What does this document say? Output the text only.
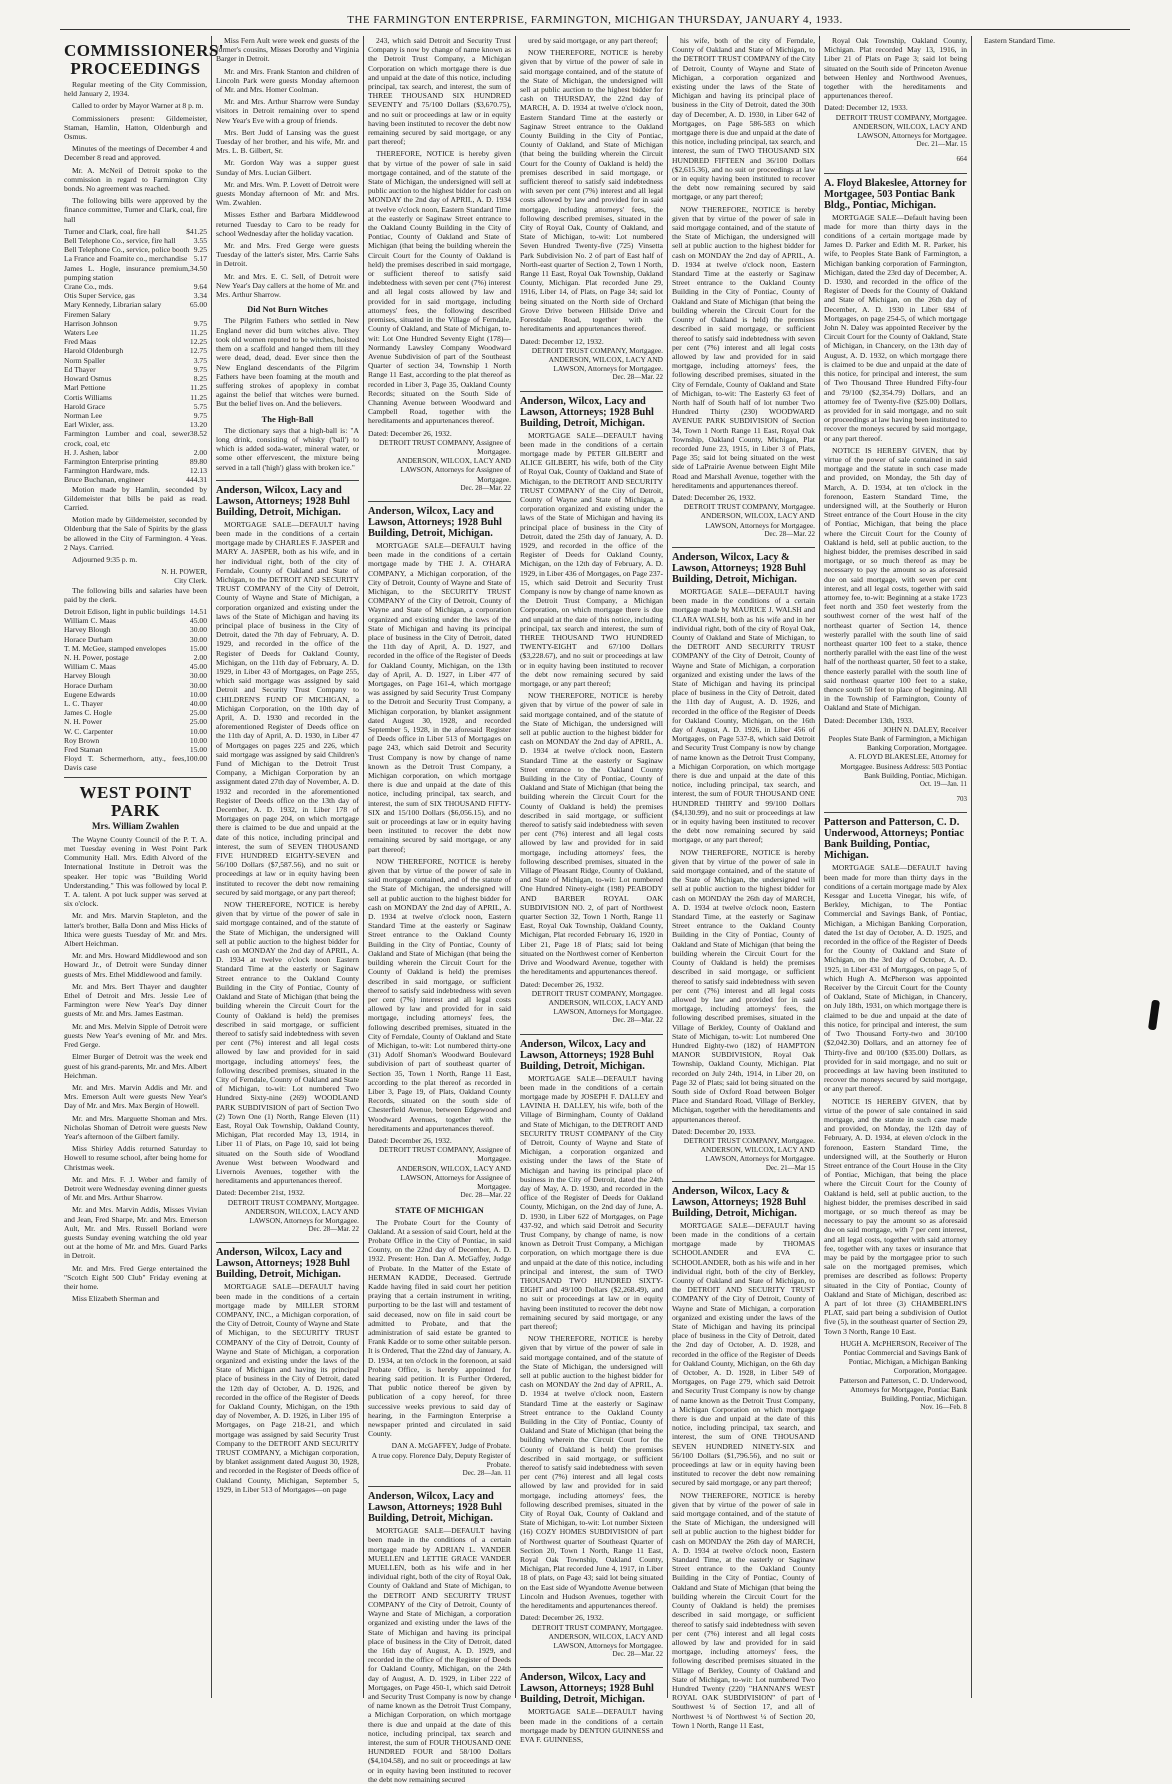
THE FARMINGTON ENTERPRISE, FARMINGTON, MICHIGAN THURSDAY, JANUARY 4, 1933.
COMMISSIONERS' PROCEEDINGS

Regular meeting of the City Commission, held January 2, 1934.

Called to order by Mayor Warner at 8 p. m.

Commissioners present: Gildemeister, Staman, Hamlin, Hatton, Oldenburgh and Osmus.

Minutes of the meetings of December 4 and December 8 read and approved.

Mr. A. McNeil of Detroit spoke to the commission in regard to Farmington City bonds. No agreement was reached.

The following bills were approved by the finance committee, Turner and Clark, coal, fire hall

Turner and Clark, coal, fire hall	$41.25
Bell Telephone Co., service, fire hall 3.55
Bell Telephone Co., service, police booth 9.25
La France and Foamite co., merchandise 5.17
James L. Hogle, insurance premium, pumping station
34.50
Crane Co., mds.	9.64
Otis Super Service, gas	3.34
Mary Kennedy, Librarian salary	65.00
Firemen Salary
Harrison Johnson	9.75
Waters Lee	11.25
Fred Maas	12.25
Harold Oldenburgh	12.75
Norm Spaller	3.75
Ed Thayer	9.75
Howard Osmus	8.25
Marl Pettione	11.25
Cortis Williams	11.25
Harold Grace	5.75
Norman Lee	9.75
Earl Wixler, ass.	13.20
Farmington Lumber and coal, sewer crock, coal, etc
38.52
H. J. Ashen, labor	2.00
Farmington Enterprise printing	89.80
Farmington Hardware, mds.	12.13
Bruce Buchanan, engineer	444.31

Motion made by Hamlin, seconded by Gildemeister that bills be paid as read. Carried.

Motion made by Gildemeister, seconded by Oldenburg that the Sale of Spirits by the glass be allowed in the City of Farmington. 4 Yeas. 2 Nays. Carried.

Adjourned 9:35 p. m.

N. H. POWER,
City Clerk.

The following bills and salaries have been paid by the clerk.

Detroit Edison, light in public buildings 14.51
William C. Maas	45.00
Harvey Blough	30.00
Horace Durham	30.00
T. M. McGee, stamped envelopes	15.00
N. H. Power, postage	2.00
William C. Maas	45.00
Harvey Blough	30.00
Horace Durham	30.00
Eugene Edwards	10.00
L. C. Thayer	40.00
James C. Hogle	25.00
N. H. Power	25.00
W. C. Carpenter	10.00
Roy Brown	10.00
Fred Staman	15.00
Floyd T. Schermerhorn, atty., fees, Davis case
100.00
WEST POINT PARK
Mrs. William Zwahlen

The Wayne County Council of the P. T. A. met Tuesday evening in West Point Park Community Hall. Mrs. Edith Alvord of the International Institute in Detroit was the speaker. Her topic was "Building World Understanding." This was followed by local P. T. A. talent. A pot luck supper was served at six o'clock.

Mr. and Mrs. Marvin Stapleton, and the latter's brother, Balla Donn and Miss Hicks of Ithica were guests Tuesday of Mr. and Mrs. Albert Heichman.

Mr. and Mrs. Howard Middlewood and son Howard Jr., of Detroit were Sunday dinner guests of Mrs. Ethel Middlewood and family.

Mr. and Mrs. Bert Thayer and daughter Ethel of Detroit and Mrs. Jessie Lee of Farmington were New Year's Day dinner guests of Mr. and Mrs. James Eastman.

Mr. and Mrs. Melvin Sipple of Detroit were guests New Year's evening of Mr. and Mrs. Fred Gerge.

Elmer Burger of Detroit was the week end guest of his grand-parents, Mr. and Mrs. Albert Heichman.

Mr. and Mrs. Marvin Addis and Mr. and Mrs. Emerson Ault were guests New Year's Day of Mr. and Mrs. Max Bergin of Howell.

Mr. and Mrs. Marguette Shoman and Mrs. Nicholas Shoman of Detroit were guests New Year's afternoon of the Gilbert family.

Miss Shirley Addis returned Saturday to Howell to resume school, after being home for Christmas week.

Mr. and Mrs. F. J. Weber and family of Detroit were Wednesday evening dinner guests of Mr. and Mrs. Arthur Sharrow.

Mr. and Mrs. Marvin Addis, Misses Vivian and Jean, Fred Sharpe, Mr. and Mrs. Emerson Ault, Mr. and Mrs. Russell Borland were guests Sunday evening watching the old year out at the home of Mr. and Mrs. Guard Parks in Detroit.

Mr. and Mrs. Fred Gerge entertained the "Scotch Eight 500 Club" Friday evening at their home.

Miss Elizabeth Sherman and

Miss Fern Ault were week end guests of the former's cousins, Misses Dorothy and Virginia Barger in Detroit.

Mr. and Mrs. Frank Stanton and children of Lincoln Park were guests Monday afternoon of Mr. and Mrs. Homer Coolman.

Mr. and Mrs. Arthur Sharrow were Sunday visitors in Detroit remaining over to spend New Year's Eve with a group of friends.

Mrs. Bert Judd of Lansing was the guest Tuesday of her brother, and his wife, Mr. and Mrs. L. B. Gilbert, Sr.

Mr. Gordon Way was a supper guest Sunday of Mrs. Lucian Gilbert.

Mr. and Mrs. Wm. P. Lovett of Detroit were guests Monday afternoon of Mr. and Mrs. Wm. Zwahlen.

Misses Esther and Barbara Middlewood returned Tuesday to Caro to be ready for school Wednesday after the holiday vacation.

Mr. and Mrs. Fred Gerge were guests Tuesday of the latter's sister, Mrs. Carrie Sahs in Detroit.

Mr. and Mrs. E. C. Sell, of Detroit were New Year's Day callers at the home of Mr. and Mrs. Arthur Sharrow.

Did Not Burn Witches

The Pilgrim Fathers who settled in New England never did burn witches alive. They took old women reputed to be witches, hoisted them on a scaffold and hanged them till they were dead, dead, dead. Ever since then the New England descendants of the Pilgrim Fathers have been foaming at the mouth and suffering strokes of apoplexy in combat against the belief that witches were burned. But the belief lives on. And the believers.

The High-Ball

The dictionary says that a high-ball is: "A long drink, consisting of whisky ('ball') to which is added soda-water, mineral water, or some other effervescent, the mixture being served in a tall ('high') glass with broken ice."

Anderson, Wilcox, Lacy and Lawson, Attorneys; 1928 Buhl Building, Detroit, Michigan.

MORTGAGE SALE—DEFAULT having been made in the conditions of a certain mortgage made by CHARLES F. JASPER and MARY A. JASPER, both as his wife, and in her individual right, both of the city of Ferndale, County of Oakland and State of Michigan, to the DETROIT AND SECURITY TRUST COMPANY of the City of Detroit, County of Wayne and State of Michigan, a corporation organized and existing under the laws of the State of Michigan and having its principal place of business in the City of Detroit, dated the 7th day of February, A. D. 1929, and recorded in the office of the Register of Deeds for Oakland County, Michigan, on the 11th day of February, A. D. 1929, in Liber 43 of Mortgages, on Page 255, which said mortgage was assigned by said Detroit and Security Trust Company to CHILDREN'S FUND OF MICHIGAN, a Michigan Corporation, on the 10th day of April, A. D. 1930 and recorded in the aforementioned Register of Deeds office on the 11th day of April, A. D. 1930, in Liber 47 of Mortgages on pages 225 and 226, which said mortgage was assigned by said Children's Fund of Michigan to the Detroit Trust Company, a Michigan Corporation by an assignment dated 27th day of November, A. D. 1932 and recorded in the aforementioned Register of Deeds office on the 13th day of December, A. D. 1932, in Liber 178 of Mortgages on page 204, on which mortgage there is claimed to be due and unpaid at the date of this notice, including principal and interest, the sum of SEVEN THOUSAND FIVE HUNDRED EIGHTY-SEVEN and 56/100 Dollars ($7,587.56), and no suit or proceedings at law or in equity having been instituted to recover the debt now remaining secured by said mortgage, or any part thereof;

NOW THEREFORE, NOTICE is hereby given that by virtue of the power of sale in said mortgage contained, and of the statute of the State of Michigan, the undersigned will sell at public auction to the highest bidder for cash on MONDAY the 2nd day of APRIL, A. D. 1934 at twelve o'clock noon Eastern Standard Time at the easterly or Saginaw Street entrance to the Oakland County Building in the City of Pontiac, County of Oakland and State of Michigan (that being the building wherein the Circuit Court for the County of Oakland is held) the premises described in said mortgage, or sufficient thereof to satisfy said indebtedness with seven per cent (7%) interest and all legal costs allowed by law and provided for in said mortgage, including attorneys' fees, the following described premises, situated in the City of Ferndale, County of Oakland and State of Michigan, to-wit: Lot numbered Two Hundred Sixty-nine (269) WOODLAND PARK SUBDIVISION of part of Section Two (2) Town One (1) North, Range Eleven (11) East, Royal Oak Township, Oakland County, Michigan, Plat recorded May 13, 1914, in Liber 11 of Plats, on Page 10, said lot being situated on the South side of Woodland Avenue West between Woodward and Livernois Avenues, together with the hereditaments and appurtenances thereof.

Dated: December 21st, 1932.
DETROIT TRUST COMPANY, Mortgagee.
ANDERSON, WILCOX, LACY AND LAWSON, Attorneys for Mortgagee.
Dec. 28—Mar. 22
Anderson, Wilcox, Lacy and Lawson, Attorneys; 1928 Buhl Building, Detroit, Michigan.

MORTGAGE SALE—DEFAULT having been made in the conditions of a certain mortgage made by MILLER STORM COMPANY, INC., a Michigan corporation, of the City of Detroit, County of Wayne and State of Michigan, to the SECURITY TRUST COMPANY of the City of Detroit, County of Wayne and State of Michigan, a corporation organized and existing under the laws of the State of Michigan and having its principal place of business in the City of Detroit, dated the 12th day of October, A. D. 1926, and recorded in the office of the Register of Deeds for Oakland County, Michigan, on the 19th day of November, A. D. 1926, in Liber 195 of Mortgages, on Page 218-21, and which mortgage was assigned by said Security Trust Company to the DETROIT AND SECURITY TRUST COMPANY, a Michigan corporation, by blanket assignment dated August 30, 1928, and recorded in the Register of Deeds office of Oakland County, Michigan, September 5, 1929, in Liber 513 of Mortgages—on page

243, which said Detroit and Security Trust Company is now by change of name known as the Detroit Trust Company, a Michigan Corporation on which mortgage there is due and unpaid at the date of this notice, including principal, tax search, and interest, the sum of THREE THOUSAND SIX HUNDRED SEVENTY and 75/100 Dollars ($3,670.75), and no suit or proceedings at law or in equity having been instituted to recover the debt now remaining secured by said mortgage, or any part thereof;

THEREFORE, NOTICE is hereby given that by virtue of the power of sale in said mortgage contained, and of the statute of the State of Michigan, the undersigned will sell at public auction to the highest bidder for cash on MONDAY the 2nd day of APRIL, A. D. 1934 at twelve o'clock noon, Eastern Standard Time at the easterly or Saginaw Street entrance to the Oakland County Building in the City of Pontiac, County of Oakland and State of Michigan (that being the building wherein the Circuit Court for the County of Oakland is held) the premises described in said mortgage, or sufficient thereof to satisfy said indebtedness with seven per cent (7%) interest and all legal costs allowed by law and provided for in said mortgage, including attorneys' fees, the following described premises, situated in the Village of Ferndale, County of Oakland, and State of Michigan, to-wit: Lot One Hundred Seventy Eight (178)—Normandy Lawsley Company Woodward Avenue Subdivision of part of the Southeast Quarter of section 34, Township 1 North Range 11 East, according to the plat thereof as recorded in Liber 3, Page 35, Oakland County Records; situated on the South Side of Channing Avenue between Woodward and Campbell Road, together with the hereditaments and appurtenances thereof.

Dated: December 26, 1932.
DETROIT TRUST COMPANY, Assignee of Mortgagee.
ANDERSON, WILCOX, LACY AND LAWSON, Attorneys for Assignee of Mortgagee.
Dec. 28—Mar. 22
Anderson, Wilcox, Lacy and Lawson, Attorneys; 1928 Buhl Building, Detroit, Michigan.

MORTGAGE SALE—DEFAULT having been made in the conditions of a certain mortgage made by THE J. A. O'HARA COMPANY, a Michigan corporation, of the City of Detroit, County of Wayne and State of Michigan, to the SECURITY TRUST COMPANY of the City of Detroit, County of Wayne and State of Michigan, a corporation organized and existing under the laws of the State of Michigan and having its principal place of business in the City of Detroit, dated the 11th day of April, A. D. 1927, and recorded in the office of the Register of Deeds for Oakland County, Michigan, on the 13th day of April, A. D. 1927, in Liber 477 of Mortgages, on Page 161-4, which mortgage was assigned by said Security Trust Company to the Detroit and Security Trust Company, a Michigan corporation, by blanket assignment dated August 30, 1928, and recorded September 5, 1928, in the aforesaid Register of Deeds office in Liber 513 of Mortgages on page 243, which said Detroit and Security Trust Company is now by change of name known as the Detroit Trust Company, a Michigan corporation, on which mortgage there is due and unpaid at the date of this notice, including principal, tax search, and interest, the sum of SIX THOUSAND FIFTY-SIX and 15/100 Dollars ($6,056.15), and no suit or proceedings at law or in equity having been instituted to recover the debt now remaining secured by said mortgage, or any part thereof;

NOW THEREFORE, NOTICE is hereby given that by virtue of the power of sale in said mortgage contained, and of the statute of the State of Michigan, the undersigned will sell at public auction to the highest bidder for cash on MONDAY the 2nd day of APRIL, A. D. 1934 at twelve o'clock noon, Eastern Standard Time at the easterly or Saginaw Street entrance to the Oakland County Building in the City of Pontiac, County of Oakland and State of Michigan (that being the building wherein the Circuit Court for the County of Oakland is held) the premises described in said mortgage, or sufficient thereof to satisfy said indebtedness with seven per cent (7%) interest and all legal costs allowed by law and provided for in said mortgage, including attorneys' fees, the following described premises, situated in the City of Ferndale, County of Oakland and State of Michigan, to-wit: Lot numbered thirty-one (31) Adolf Shoman's Woodward Boulevard subdivision of part of southeast quarter of Section 35, Town 1 North, Range 11 East, according to the plat thereof as recorded in Liber 3, Page 19, of Plats, Oakland County Records, situated on the south side of Chesterfield Avenue, between Edgewood and Woodward Avenues, together with the hereditaments and appurtenances thereof.

Dated: December 26, 1932.
DETROIT TRUST COMPANY, Assignee of Mortgagee.
ANDERSON, WILCOX, LACY AND LAWSON, Attorneys for Assignee of Mortgagee.
Dec. 28—Mar. 22
STATE OF MICHIGAN

The Probate Court for the County of Oakland. At a session of said Court, held at the Probate Office in the City of Pontiac, in said County, on the 22nd day of December, A. D. 1932. Present: Hon. Dan A. McGaffey, Judge of Probate. In the Matter of the Estate of HERMAN KADDE, Deceased. Gertrude Kadde having filed in said court her petition praying that a certain instrument in writing, purporting to be the last will and testament of said deceased, now on file in said court be admitted to Probate, and that the administration of said estate be granted to Frank Kadde or to some other suitable person. It is Ordered, That the 22nd day of January, A. D. 1934, at ten o'clock in the forenoon, at said Probate Office, is hereby appointed for hearing said petition. It is Further Ordered, That public notice thereof be given by publication of a copy hereof, for three successive weeks previous to said day of hearing, in the Farmington Enterprise a newspaper printed and circulated in said County.

DAN A. McGAFFEY, Judge of Probate.
A true copy. Florence Daly, Deputy Register of Probate.
Dec. 28—Jan. 11
Anderson, Wilcox, Lacy and Lawson, Attorneys; 1928 Buhl Building, Detroit, Michigan.

MORTGAGE SALE—DEFAULT having been made in the conditions of a certain mortgage made by ADRIAN L. VANDER MUELLEN and LETTIE GRACE VANDER MUELLEN, both as his wife and in her individual right, both of the city of Royal Oak, County of Oakland and State of Michigan, to the DETROIT AND SECURITY TRUST COMPANY of the City of Detroit, County of Wayne and State of Michigan, a corporation organized and existing under the laws of the State of Michigan and having its principal place of business in the City of Detroit, dated the 16th day of August, A. D. 1929, and recorded in the office of the Register of Deeds for Oakland County, Michigan, on the 24th day of August, A. D. 1929, in Liber 222 of Mortgages, on Page 450-1, which said Detroit and Security Trust Company is now by change of name known as the Detroit Trust Company, a Michigan Corporation, on which mortgage there is due and unpaid at the date of this notice, including principal, tax search and interest, the sum of FOUR THOUSAND ONE HUNDRED FOUR and 58/100 Dollars ($4,104.58), and no suit or proceedings at law or in equity having been instituted to recover the debt now remaining secured

ured by said mortgage, or any part thereof;

NOW THEREFORE, NOTICE is hereby given that by virtue of the power of sale in said mortgage contained, and of the statute of the State of Michigan, the undersigned will sell at public auction to the highest bidder for cash on THURSDAY, the 22nd day of MARCH, A. D. 1934 at twelve o'clock noon, Eastern Standard Time at the easterly or Saginaw Street entrance to the Oakland County Building in the City of Pontiac, County of Oakland, and State of Michigan (that being the building wherein the Circuit Court for the County of Oakland is held) the premises described in said mortgage, or sufficient thereof to satisfy said indebtedness with seven per cent (7%) interest and all legal costs allowed by law and provided for in said mortgage, including attorneys' fees, the following described premises, situated in the City of Royal Oak, County of Oakland, and State of Michigan, to-wit: Lot numbered Seven Hundred Twenty-five (725) Vinsetta Park Subdivision No. 2 of part of East half of North-east quarter of Section 2, Town 1 North, Range 11 East, Royal Oak Township, Oakland County, Michigan. Plat recorded June 29, 1916, Liber 14, of Plats, on Page 34; said lot being situated on the North side of Orchard Grove Drive between Hillside Drive and Forestdale Road, together with the hereditaments and appurtenances thereof.

Dated: December 12, 1932.
DETROIT TRUST COMPANY, Mortgagee.
ANDERSON, WILCOX, LACY AND LAWSON, Attorneys for Mortgagee.
Dec. 28—Mar. 22
Anderson, Wilcox, Lacy and Lawson, Attorneys; 1928 Buhl Building, Detroit, Michigan.

MORTGAGE SALE—DEFAULT having been made in the conditions of a certain mortgage made by PETER GILBERT and ALICE GILBERT, his wife, both of the City of Royal Oak, County of Oakland and State of Michigan, to the DETROIT AND SECURITY TRUST COMPANY of the City of Detroit, County of Wayne and State of Michigan, a corporation organized and existing under the laws of the State of Michigan and having its principal place of business in the City of Detroit, dated the 25th day of January, A. D. 1929, and recorded in the office of the Register of Deeds for Oakland County, Michigan, on the 12th day of February, A. D. 1929, in Liber 436 of Mortgages, on Page 237-15, which said Detroit and Security Trust Company is now by change of name known as the Detroit Trust Company, a Michigan Corporation, on which mortgage there is due and unpaid at the date of this notice, including principal, tax search and interest, the sum of THREE THOUSAND TWO HUNDRED TWENTY-EIGHT and 67/100 Dollars ($3,228.67), and no suit or proceedings at law or in equity having been instituted to recover the debt now remaining secured by said mortgage, or any part thereof;

NOW THEREFORE, NOTICE is hereby given that by virtue of the power of sale in said mortgage contained, and of the statute of the State of Michigan, the undersigned will sell at public auction to the highest bidder for cash on MONDAY the 2nd day of APRIL, A. D. 1934 at twelve o'clock noon, Eastern Standard Time at the easterly or Saginaw Street entrance to the Oakland County Building in the City of Pontiac, County of Oakland and State of Michigan (that being the building wherein the Circuit Court for the County of Oakland is held) the premises described in said mortgage, or sufficient thereof to satisfy said indebtedness with seven per cent (7%) interest and all legal costs allowed by law and provided for in said mortgage, including attorneys' fees, the following described premises, situated in the Village of Pleasant Ridge, County of Oakland, and State of Michigan, to-wit: Lot numbered One Hundred Ninety-eight (198) PEABODY AND BARBER ROYAL OAK SUBDIVISION NO. 2, of part of Northwest quarter Section 32, Town 1 North, Range 11 East, Royal Oak Township, Oakland County, Michigan, Plat recorded February 16, 1920 in Liber 21, Page 18 of Plats; said lot being situated on the Northwest corner of Kenberton Drive and Woodward Avenue, together with the hereditaments and appurtenances thereof.

Dated: December 26, 1932.
DETROIT TRUST COMPANY, Mortgagee.
ANDERSON, WILCOX, LACY AND LAWSON, Attorneys for Mortgagee.
Dec. 28—Mar. 22
Anderson, Wilcox, Lacy and Lawson, Attorneys; 1928 Buhl Building, Detroit, Michigan.

MORTGAGE SALE—DEFAULT having been made in the conditions of a certain mortgage made by JOSEPH F. DALLEY and LAVINIA H. DALLEY, his wife, both of the Village of Birmingham, County of Oakland and State of Michigan, to the DETROIT AND SECURITY TRUST COMPANY of the City of Detroit, County of Wayne and State of Michigan, a corporation organized and existing under the laws of the State of Michigan and having its principal place of business in the City of Detroit, dated the 24th day of May, A. D. 1930, and recorded in the office of the Register of Deeds for Oakland County, Michigan, on the 2nd day of June, A. D. 1930, in Liber 622 of Mortgages, on Page 437-92, and which said Detroit and Security Trust Company, by change of name, is now known as Detroit Trust Company, a Michigan corporation, on which mortgage there is due and unpaid at the date of this notice, including principal and interest, the sum of TWO THOUSAND TWO HUNDRED SIXTY-EIGHT and 49/100 Dollars ($2,268.49), and no suit or proceedings at law or in equity having been instituted to recover the debt now remaining secured by said mortgage, or any part thereof;

NOW THEREFORE, NOTICE is hereby given that by virtue of the power of sale in said mortgage contained, and of the statute of the State of Michigan, the undersigned will sell at public auction to the highest bidder for cash on MONDAY the 2nd day of APRIL, A. D. 1934 at twelve o'clock noon, Eastern Standard Time at the easterly or Saginaw Street entrance to the Oakland County Building in the City of Pontiac, County of Oakland and State of Michigan (that being the building wherein the Circuit Court for the County of Oakland is held) the premises described in said mortgage, or sufficient thereof to satisfy said indebtedness with seven per cent (7%) interest and all legal costs allowed by law and provided for in said mortgage, including attorneys' fees, the following described premises, situated in the City of Royal Oak, County of Oakland and State of Michigan, to-wit: Lot number Sixteen (16) COZY HOMES SUBDIVISION of part of Northwest quarter of Southeast Quarter of Section 20, Town 1 North, Range 11 East, Royal Oak Township, Oakland County, Michigan, Plat recorded June 4, 1917, in Liber 18 of plats, on Page 43; said lot being situated on the East side of Wyandotte Avenue between Lincoln and Hudson Avenues, together with the hereditaments and appurtenances thereof.

Dated: December 26, 1932.
DETROIT TRUST COMPANY, Mortgagee.
ANDERSON, WILCOX, LACY AND LAWSON, Attorneys for Mortgagee.
Dec. 28—Mar. 22
Anderson, Wilcox, Lacy and Lawson, Attorneys; 1928 Buhl Building, Detroit, Michigan.

MORTGAGE SALE—DEFAULT having been made in the conditions of a certain mortgage made by DENTON GUINNESS and EVA F. GUINNESS,

his wife, both of the city of Ferndale, County of Oakland and State of Michigan, to the DETROIT TRUST COMPANY of the City of Detroit, County of Wayne and State of Michigan, a corporation organized and existing under the laws of the State of Michigan and having its principal place of business in the City of Detroit, dated the 30th day of December, A. D. 1930, in Liber 642 of Mortgages, on Page 586-583 on which mortgage there is due and unpaid at the date of this notice, including principal, tax search, and interest, the sum of TWO THOUSAND SIX HUNDRED FIFTEEN and 36/100 Dollars ($2,615.36), and no suit or proceedings at law or in equity having been instituted to recover the debt now remaining secured by said mortgage, or any part thereof;

NOW THEREFORE, NOTICE is hereby given that by virtue of the power of sale in said mortgage contained, and of the statute of the State of Michigan, the undersigned will sell at public auction to the highest bidder for cash on MONDAY the 2nd day of APRIL, A. D. 1934 at twelve o'clock noon, Eastern Standard Time at the easterly or Saginaw Street entrance to the Oakland County Building in the City of Pontiac, County of Oakland and State of Michigan (that being the building wherein the Circuit Court for the County of Oakland is held) the premises described in said mortgage, or sufficient thereof to satisfy said indebtedness with seven per cent (7%) interest and all legal costs allowed by law and provided for in said mortgage, including attorneys' fees, the following described premises, situated in the City of Ferndale, County of Oakland and State of Michigan, to-wit: The Easterly 63 feet of North half of South half of lot number Two Hundred Thirty (230) WOODWARD AVENUE PARK SUBDIVISION of Section 34, Town 1 North Range 11 East, Royal Oak Township, Oakland County, Michigan, Plat recorded June 23, 1915, in Liber 3 of Plats, Page 35; said lot being situated on the west side of LaPrairie Avenue between Eight Mile Road and Marshall Avenue, together with the hereditaments and appurtenances thereof.

Dated: December 26, 1932.
DETROIT TRUST COMPANY, Mortgagee.
ANDERSON, WILCOX, LACY AND LAWSON, Attorneys for Mortgagee.
Dec. 28—Mar. 22
Anderson, Wilcox, Lacy & Lawson, Attorneys; 1928 Buhl Building, Detroit, Michigan.

MORTGAGE SALE—DEFAULT having been made in the conditions of a certain mortgage made by MAURICE J. WALSH and CLARA WALSH, both as his wife and in her individual right, both of the city of Royal Oak, County of Oakland and State of Michigan, to the DETROIT AND SECURITY TRUST COMPANY of the City of Detroit, County of Wayne and State of Michigan, a corporation organized and existing under the laws of the State of Michigan and having its principal place of business in the City of Detroit, dated the 11th day of August, A. D. 1926, and recorded in the office of the Register of Deeds for Oakland County, Michigan, on the 16th day of August, A. D. 1926, in Liber 456 of Mortgages, on Page 537-8, which said Detroit and Security Trust Company is now by change of name known as the Detroit Trust Company, a Michigan Corporation, on which mortgage there is due and unpaid at the date of this notice, including principal, tax search, and interest, the sum of FOUR THOUSAND ONE HUNDRED THIRTY and 99/100 Dollars ($4,130.99), and no suit or proceedings at law or in equity having been instituted to recover the debt now remaining secured by said mortgage, or any part thereof;

NOW THEREFORE, NOTICE is hereby given that by virtue of the power of sale in said mortgage contained, and of the statute of the State of Michigan, the undersigned will sell at public auction to the highest bidder for cash on MONDAY the 26th day of MARCH, A. D. 1934 at twelve o'clock noon, Eastern Standard Time, at the easterly or Saginaw Street entrance to the Oakland County Building in the City of Pontiac, County of Oakland and State of Michigan (that being the building wherein the Circuit Court for the County of Oakland is held) the premises described in said mortgage, or sufficient thereof to satisfy said indebtedness with seven per cent (7%) interest and all legal costs allowed by law and provided for in said mortgage, including attorneys' fees, the following described premises, situated in the Village of Berkley, County of Oakland and State of Michigan, to-wit: Lot numbered One Hundred Eighty-two (182) of HAMPTON MANOR SUBDIVISION, Royal Oak Township, Oakland County, Michigan. Plat recorded on July 24th, 1914, in Liber 20, on Page 32 of Plats; said lot being situated on the South side of Oxford Road between Bolger Place and Standard Road, Village of Berkley, Michigan, together with the hereditaments and appurtenances thereof.

Dated: December 20, 1933.
DETROIT TRUST COMPANY, Mortgagee.
ANDERSON, WILCOX, LACY AND LAWSON, Attorneys for Mortgagee.
Dec. 21—Mar 15
Anderson, Wilcox, Lacy & Lawson, Attorneys; 1928 Buhl Building, Detroit, Michigan.

MORTGAGE SALE—DEFAULT having been made in the conditions of a certain mortgage made by THOMAS SCHOOLANDER and EVA C. SCHOOLANDER, both as his wife and in her individual right, both of the city of Berkley, County of Oakland and State of Michigan, to the DETROIT AND SECURITY TRUST COMPANY of the City of Detroit, County of Wayne and State of Michigan, a corporation organized and existing under the laws of the State of Michigan and having its principal place of business in the City of Detroit, dated the 2nd day of October, A. D. 1928, and recorded in the office of the Register of Deeds for Oakland County, Michigan, on the 6th day of October, A. D. 1928, in Liber 549 of Mortgages, on Page 279, which said Detroit and Security Trust Company is now by change of name known as the Detroit Trust Company, a Michigan Corporation on which mortgage there is due and unpaid at the date of this notice, including principal, tax search, and interest, the sum of ONE THOUSAND SEVEN HUNDRED NINETY-SIX and 56/100 Dollars ($1,796.56), and no suit or proceedings at law or in equity having been instituted to recover the debt now remaining secured by said mortgage, or any part thereof;

NOW THEREFORE, NOTICE is hereby given that by virtue of the power of sale in said mortgage contained, and of the statute of the State of Michigan, the undersigned will sell at public auction to the highest bidder for cash on MONDAY the 26th day of MARCH, A. D. 1934 at twelve o'clock noon, Eastern Standard Time, at the easterly or Saginaw Street entrance to the Oakland County Building in the City of Pontiac, County of Oakland and State of Michigan (that being the building wherein the Circuit Court for the County of Oakland is held) the premises described in said mortgage, or sufficient thereof to satisfy said indebtedness with seven per cent (7%) interest and all legal costs allowed by law and provided for in said mortgage, including attorneys' fees, the following described premises situated in the Village of Berkley, County of Oakland and State of Michigan, to-wit: Lot numbered Two Hundred Twenty (220) "HANNAN'S WEST ROYAL OAK SUBDIVISION" of part of Southwest ¼ of Section 17, and all of Northwest ¼ of Northwest ¼ of Section 20, Town 1 North, Range 11 East,

Royal Oak Township, Oakland County, Michigan. Plat recorded May 13, 1916, in Liber 21 of Plats on Page 3; said lot being situated on the South side of Princeton Avenue between Henley and Northwood Avenues, together with the hereditaments and appurtenances thereof.

Dated: December 12, 1933.
DETROIT TRUST COMPANY, Mortgagee.
ANDERSON, WILCOX, LACY AND LAWSON, Attorneys for Mortgagee.
Dec. 21—Mar. 15
664
A. Floyd Blakeslee, Attorney for Mortgagee, 503 Pontiac Bank Bldg., Pontiac, Michigan.

MORTGAGE SALE—Default having been made for more than thirty days in the conditions of a certain mortgage made by James D. Parker and Edith M. R. Parker, his wife, to Peoples State Bank of Farmington, a Michigan banking corporation of Farmington, Michigan, dated the 23rd day of December, A. D. 1930, and recorded in the office of the Register of Deeds for the County of Oakland and State of Michigan, on the 26th day of December, A. D. 1930 in Liber 684 of Mortgages, on page 254-5, of which mortgage John N. Daley was appointed Receiver by the Circuit Court for the County of Oakland, State of Michigan, in Chancery, on the 13th day of August, A. D. 1932, on which mortgage there is claimed to be due and unpaid at the date of this notice, for principal and interest, the sum of Two Thousand Three Hundred Fifty-four and 79/100 ($2,354.79) Dollars, and an attorney fee of Twenty-five ($25.00) Dollars, as provided for in said mortgage, and no suit or proceedings at law having been instituted to recover the moneys secured by said mortgage, or any part thereof.

NOTICE IS HEREBY GIVEN, that by virtue of the power of sale contained in said mortgage and the statute in such case made and provided, on Monday, the 5th day of March, A. D. 1934, at ten o'clock in the forenoon, Eastern Standard Time, the undersigned will, at the Southerly or Huron Street entrance of the Court House in the city of Pontiac, Michigan, that being the place where the Circuit Court for the County of Oakland is held, sell at public auction, to the highest bidder, the premises described in said mortgage, or so much thereof as may be necessary to pay the amount so as aforesaid due on said mortgage, with seven per cent interest, and all legal costs, together with said attorney fee, to-wit: Beginning at a stake 1723 feet north and 350 feet westerly from the southwest corner of the west half of the northeast quarter of Section 14, thence westerly parallel with the south line of said northeast quarter 100 feet to a stake, thence northerly parallel with the east line of the west half of the northeast quarter, 50 feet to a stake, thence easterly parallel with the south line of said northeast quarter 100 feet to a stake, thence south 50 feet to place of beginning. All in the Township of Farmington, County of Oakland and State of Michigan.

Dated: December 13th, 1933.
JOHN N. DALEY, Receiver
Peoples State Bank of Farmington, a Michigan Banking Corporation, Mortgagee.
A. FLOYD BLAKESLEE, Attorney for Mortgagee. Business Address: 503 Pontiac Bank Building, Pontiac, Michigan.
Oct. 19—Jan. 11
703
Patterson and Patterson, C. D. Underwood, Attorneys; Pontiac Bank Building, Pontiac, Michigan.

MORTGAGE SALE—DEFAULT having been made for more than thirty days in the conditions of a certain mortgage made by Alex Kessgar and Lucetta Vinegar, his wife, of Berkley, Michigan, to The Pontiac Commercial and Savings Bank, of Pontiac, Michigan, a Michigan Banking Corporation, dated the 1st day of October, A. D. 1925, and recorded in the office of the Register of Deeds for the County of Oakland and State of Michigan, on the 3rd day of October, A. D. 1925, in Liber 431 of Mortgages, on page 5, of which Hugh A. McPherson was appointed Receiver by the Circuit Court for the County of Oakland, State of Michigan, in Chancery, on July 18th, 1931, on which mortgage there is claimed to be due and unpaid at the date of this notice, for principal and interest, the sum of Two Thousand Forty-two and 30/100 ($2,042.30) Dollars, and an attorney fee of Thirty-five and 00/100 ($35.00) Dollars, as provided for in said mortgage, and no suit or proceedings at law having been instituted to recover the moneys secured by said mortgage, or any part thereof.

NOTICE IS HEREBY GIVEN, that by virtue of the power of sale contained in said mortgage, and the statute in such case made and provided, on Monday, the 12th day of February, A. D. 1934, at eleven o'clock in the forenoon, Eastern Standard Time, the undersigned will, at the Southerly or Huron Street entrance of the Court House in the City of Pontiac, Michigan, that being the place where the Circuit Court for the County of Oakland is held, sell at public auction, to the highest bidder, the premises described in said mortgage, or so much thereof as may be necessary to pay the amount so as aforesaid due on said mortgage, with 7 per cent interest, and all legal costs, together with said attorney fee, together with any taxes or insurance that may be paid by the mortgagee prior to such sale on the mortgaged premises, which premises are described as follows: Property situated in the City of Pontiac, County of Oakland and State of Michigan, described as: A part of lot three (3) CHAMBERLIN'S PLAT, said part being a subdivision of Outlot five (5), in the southeast quarter of Section 29, Town 3 North, Range 10 East.

HUGH A. McPHERSON, Receiver of The Pontiac Commercial and Savings Bank of Pontiac, Michigan, a Michigan Banking Corporation, Mortgagee.
Patterson and Patterson, C. D. Underwood, Attorneys for Mortgagee, Pontiac Bank Building, Pontiac, Michigan.
Nov. 16—Feb. 8

Eastern Standard Time.
